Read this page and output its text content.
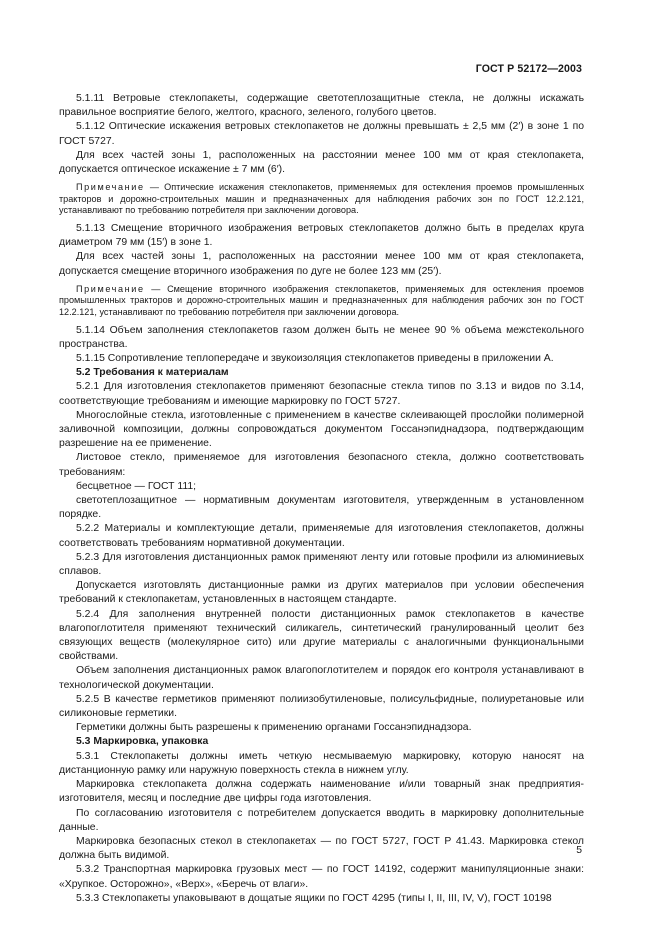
ГОСТ Р 52172—2003

5.1.11 Ветровые стеклопакеты, содержащие светотеплозащитные стекла, не должны искажать правильное восприятие белого, желтого, красного, зеленого, голубого цветов.

5.1.12 Оптические искажения ветровых стеклопакетов не должны превышать ± 2,5 мм (2′) в зоне 1 по ГОСТ 5727.

Для всех частей зоны 1, расположенных на расстоянии менее 100 мм от края стеклопакета, допускается оптическое искажение ± 7 мм (6′).

Примечание — Оптические искажения стеклопакетов, применяемых для остекления проемов промышленных тракторов и дорожно-строительных машин и предназначенных для наблюдения рабочих зон по ГОСТ 12.2.121, устанавливают по требованию потребителя при заключении договора.

5.1.13 Смещение вторичного изображения ветровых стеклопакетов должно быть в пределах круга диаметром 79 мм (15′) в зоне 1.

Для всех частей зоны 1, расположенных на расстоянии менее 100 мм от края стеклопакета, допускается смещение вторичного изображения по дуге не более 123 мм (25′).

Примечание — Смещение вторичного изображения стеклопакетов, применяемых для остекления проемов промышленных тракторов и дорожно-строительных машин и предназначенных для наблюдения рабочих зон по ГОСТ 12.2.121, устанавливают по требованию потребителя при заключении договора.

5.1.14 Объем заполнения стеклопакетов газом должен быть не менее 90 % объема межстекольного пространства.

5.1.15 Сопротивление теплопередаче и звукоизоляция стеклопакетов приведены в приложении А.

5.2 Требования к материалам

5.2.1 Для изготовления стеклопакетов применяют безопасные стекла типов по 3.13 и видов по 3.14, соответствующие требованиям и имеющие маркировку по ГОСТ 5727.

Многослойные стекла, изготовленные с применением в качестве склеивающей прослойки полимерной заливочной композиции, должны сопровождаться документом Госсанэпиднадзора, подтверждающим разрешение на ее применение.

Листовое стекло, применяемое для изготовления безопасного стекла, должно соответствовать требованиям:

бесцветное — ГОСТ 111;

светотеплозащитное — нормативным документам изготовителя, утвержденным в установленном порядке.

5.2.2 Материалы и комплектующие детали, применяемые для изготовления стеклопакетов, должны соответствовать требованиям нормативной документации.

5.2.3 Для изготовления дистанционных рамок применяют ленту или готовые профили из алюминиевых сплавов.

Допускается изготовлять дистанционные рамки из других материалов при условии обеспечения требований к стеклопакетам, установленных в настоящем стандарте.

5.2.4 Для заполнения внутренней полости дистанционных рамок стеклопакетов в качестве влагопоглотителя применяют технический силикагель, синтетический гранулированный цеолит без связующих веществ (молекулярное сито) или другие материалы с аналогичными функциональными свойствами.

Объем заполнения дистанционных рамок влагопоглотителем и порядок его контроля устанавливают в технологической документации.

5.2.5 В качестве герметиков применяют полиизобутиленовые, полисульфидные, полиуретановые или силиконовые герметики.

Герметики должны быть разрешены к применению органами Госсанэпиднадзора.

5.3 Маркировка, упаковка

5.3.1 Стеклопакеты должны иметь четкую несмываемую маркировку, которую наносят на дистанционную рамку или наружную поверхность стекла в нижнем углу.

Маркировка стеклопакета должна содержать наименование и/или товарный знак предприятия-изготовителя, месяц и последние две цифры года изготовления.

По согласованию изготовителя с потребителем допускается вводить в маркировку дополнительные данные.

Маркировка безопасных стекол в стеклопакетах — по ГОСТ 5727, ГОСТ Р 41.43. Маркировка стекол должна быть видимой.

5.3.2 Транспортная маркировка грузовых мест — по ГОСТ 14192, содержит манипуляционные знаки: «Хрупкое. Осторожно», «Верх», «Беречь от влаги».

5.3.3 Стеклопакеты упаковывают в дощатые ящики по ГОСТ 4295 (типы I, II, III, IV, V), ГОСТ 10198

5
